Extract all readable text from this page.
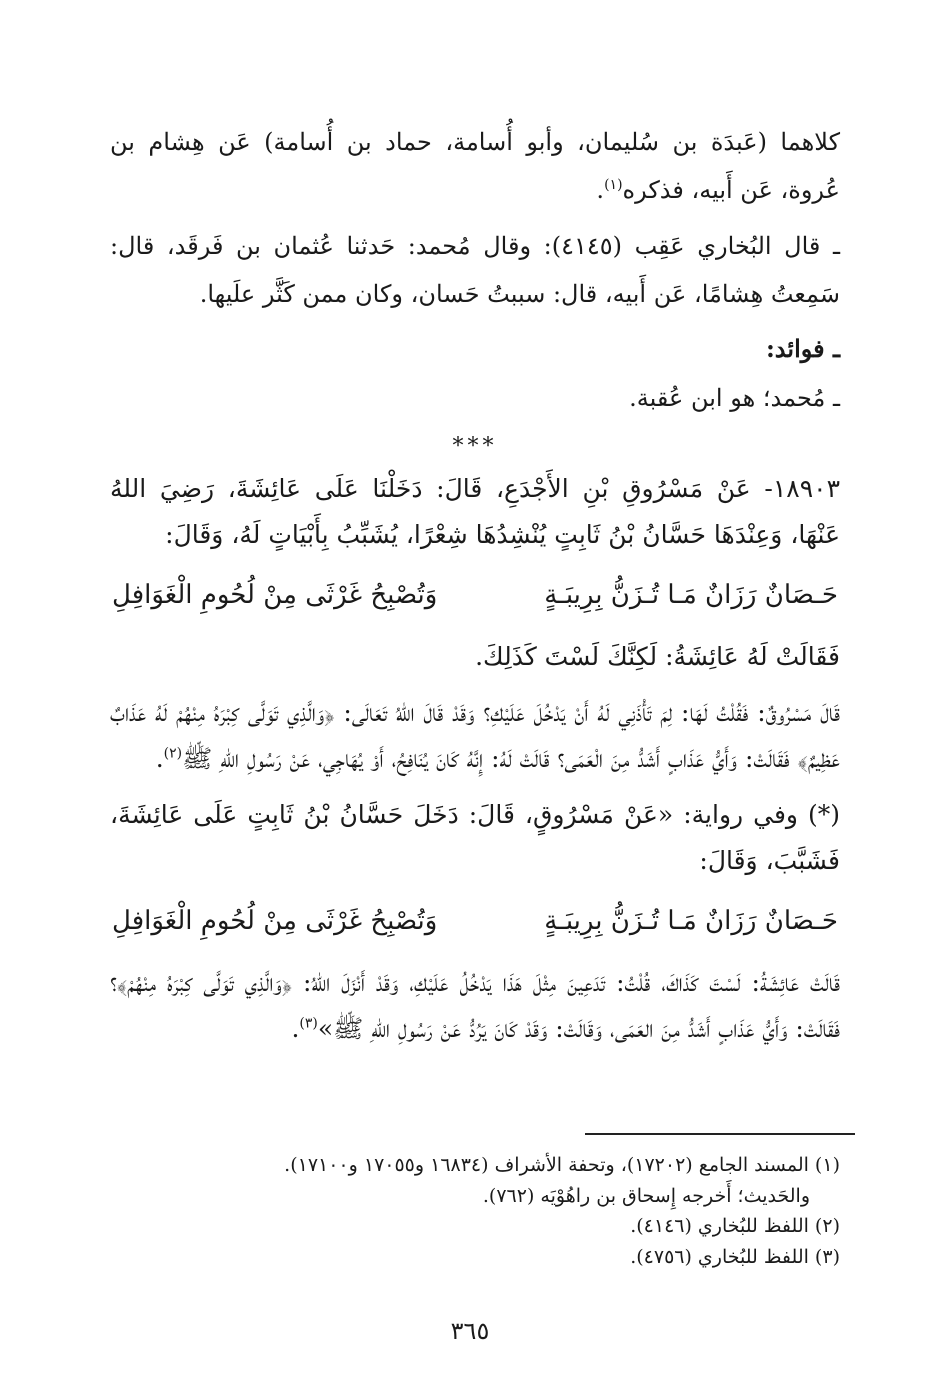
كلاهما (عَبدَة بن سُليمان، وأبو أُسامة، حماد بن أُسامة) عَن هِشام بن عُروة، عَن أَبيه، فذكره$^{(١)}$.

ـ قال البُخاري عَقِب (٤١٤٥): وقال مُحمد: حَدثنا عُثمان بن فَرقَد، قال: سَمِعتُ هِشامًا، عَن أَبيه، قال: سببتُ حَسان، وكان ممن كَثَّر علَيها.

ـ فوائد:

ـ مُحمد؛ هو ابن عُقبة.

***

١٨٩٠٣- عَنْ مَسْرُوقِ بْنِ الأَجْدَعِ، قَالَ: دَخَلْنَا عَلَى عَائِشَةَ، رَضِيَ اللهُ عَنْهَا، وَعِنْدَهَا حَسَّانُ بْنُ ثَابِتٍ يُنْشِدُهَا شِعْرًا، يُشَبِّبُ بِأَبْيَاتٍ لَهُ، وَقَالَ:

حَـصَانٌ رَزَانٌ مَـا تُـزَنُّ بِرِيبَـةٍ
وَتُصْبِحُ غَرْثَى مِنْ لُحُومِ الْغَوَافِلِ

فَقَالَتْ لَهُ عَائِشَةُ: لَكِنَّكَ لَسْتَ كَذَلِكَ.

قَالَ مَسْرُوقٌ: فَقُلْتُ لَهَا: لِمَ تَأْذَنِي لَهُ أَنْ يَدْخُلَ عَلَيْكِ؟ وَقَدْ قَالَ اللهُ تَعَالَى: ﴿وَالَّذِي تَوَلَّى كِبْرَهُ مِنْهُمْ لَهُ عَذَابٌ عَظِيمٌ﴾ فَقَالَتْ: وَأَيُّ عَذَابٍ أَشَدُّ مِنَ الْعَمَى؟ قَالَتْ لَهُ: إِنَّهُ كَانَ يُنَافِحُ، أَوْ يُهَاجِي، عَنْ رَسُولِ اللهِ ﷺ$^{(٢)}$.

(*) وفي رواية: «عَنْ مَسْرُوقٍ، قَالَ: دَخَلَ حَسَّانُ بْنُ ثَابِتٍ عَلَى عَائِشَةَ، فَشَبَّبَ، وَقَالَ:

حَـصَانٌ رَزَانٌ مَـا تُـزَنُّ بِرِيبَـةٍ
وَتُصْبِحُ غَرْثَى مِنْ لُحُومِ الْغَوَافِلِ

قَالَتْ عَائِشَةُ: لَسْتَ كَذَاكَ، قُلْتُ: تَدَعِينَ مِثْلَ هَذَا يَدْخُلُ عَلَيْكِ، وَقَدْ أَنْزَلَ اللهُ: ﴿وَالَّذِي تَوَلَّى كِبْرَهُ مِنْهُمْ﴾؟ فَقَالَتْ: وَأَيُّ عَذَابٍ أَشَدُّ مِنَ العَمَى، وَقَالَتْ: وَقَدْ كَانَ يَرُدُّ عَنْ رَسُولِ اللهِ ﷺ»$^{(٣)}$.

(١) المسند الجامع (١٧٢٠٢)، وتحفة الأشراف (١٦٨٣٤ و١٧٠٥٥ و١٧١٠٠).
والحَديث؛ أَخرجه إِسحاق بن راهُوْيَه (٧٦٢).
(٢) اللفظ للبُخاري (٤١٤٦).
(٣) اللفظ للبُخاري (٤٧٥٦).
٣٦٥
